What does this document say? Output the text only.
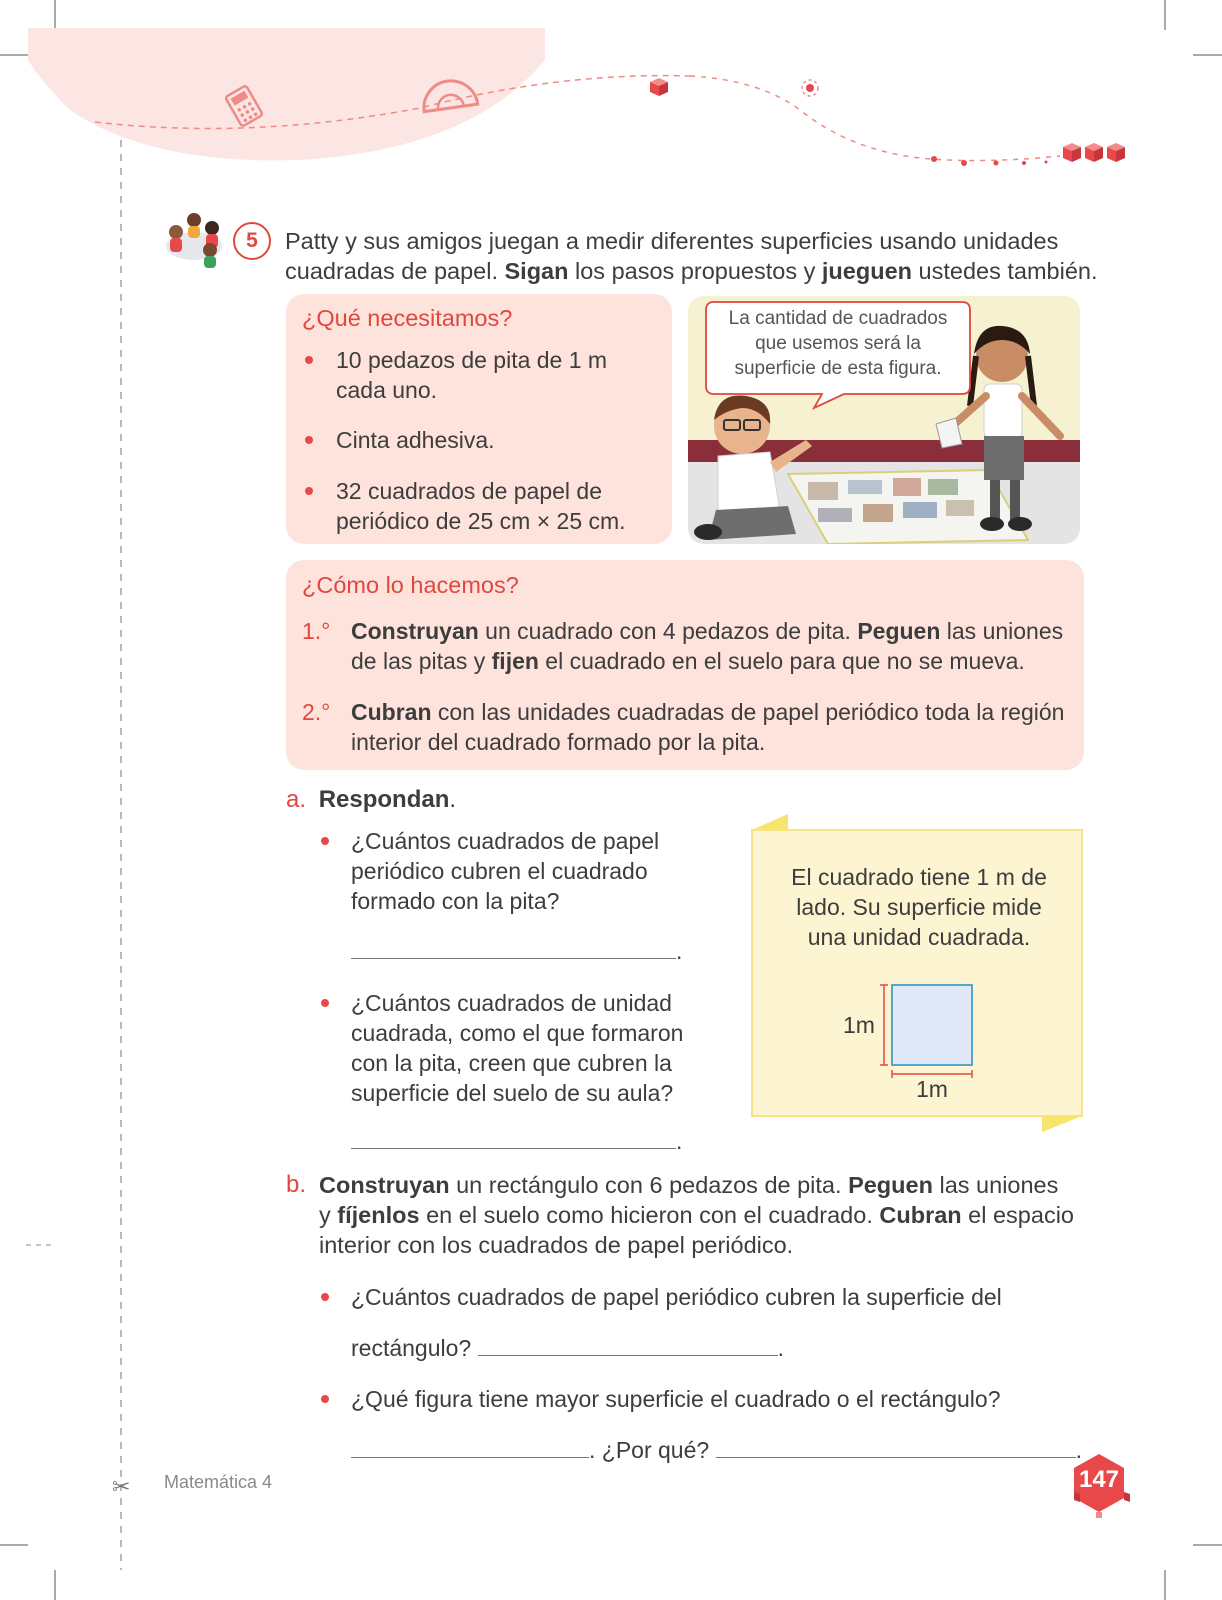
5	Patty y sus amigos juegan a medir diferentes superficies usando unidades
cuadradas de papel. Sigan los pasos propuestos y jueguen ustedes también.
¿Qué necesitamos?
10 pedazos de pita de 1 m
cada uno.
Cinta adhesiva.
32 cuadrados de papel de
periódico de 25 cm × 25 cm.
La cantidad de cuadrados
que usemos será la
superficie de esta figura.
¿Cómo lo hacemos?
1.° Construyan un cuadrado con 4 pedazos de pita. Peguen las uniones
de las pitas y fijen el cuadrado en el suelo para que no se mueva.
2.° Cubran con las unidades cuadradas de papel periódico toda la región
interior del cuadrado formado por la pita.
a. Respondan.
¿Cuántos cuadrados de papel
periódico cubren el cuadrado
formado con la pita?
.
¿Cuántos cuadrados de unidad
cuadrada, como el que formaron
con la pita, creen que cubren la
superficie del suelo de su aula?
.
El cuadrado tiene 1 m de
lado. Su superficie mide
una unidad cuadrada.
1m
1m
b. Construyan un rectángulo con 6 pedazos de pita. Peguen las uniones
y fíjenlos en el suelo como hicieron con el cuadrado. Cubran el espacio
interior con los cuadrados de papel periódico.
¿Cuántos cuadrados de papel periódico cubren la superficie del
rectángulo?	.
¿Qué figura tiene mayor superficie el cuadrado o el rectángulo?
. ¿Por qué?	.
✂ Matemática 4	147
